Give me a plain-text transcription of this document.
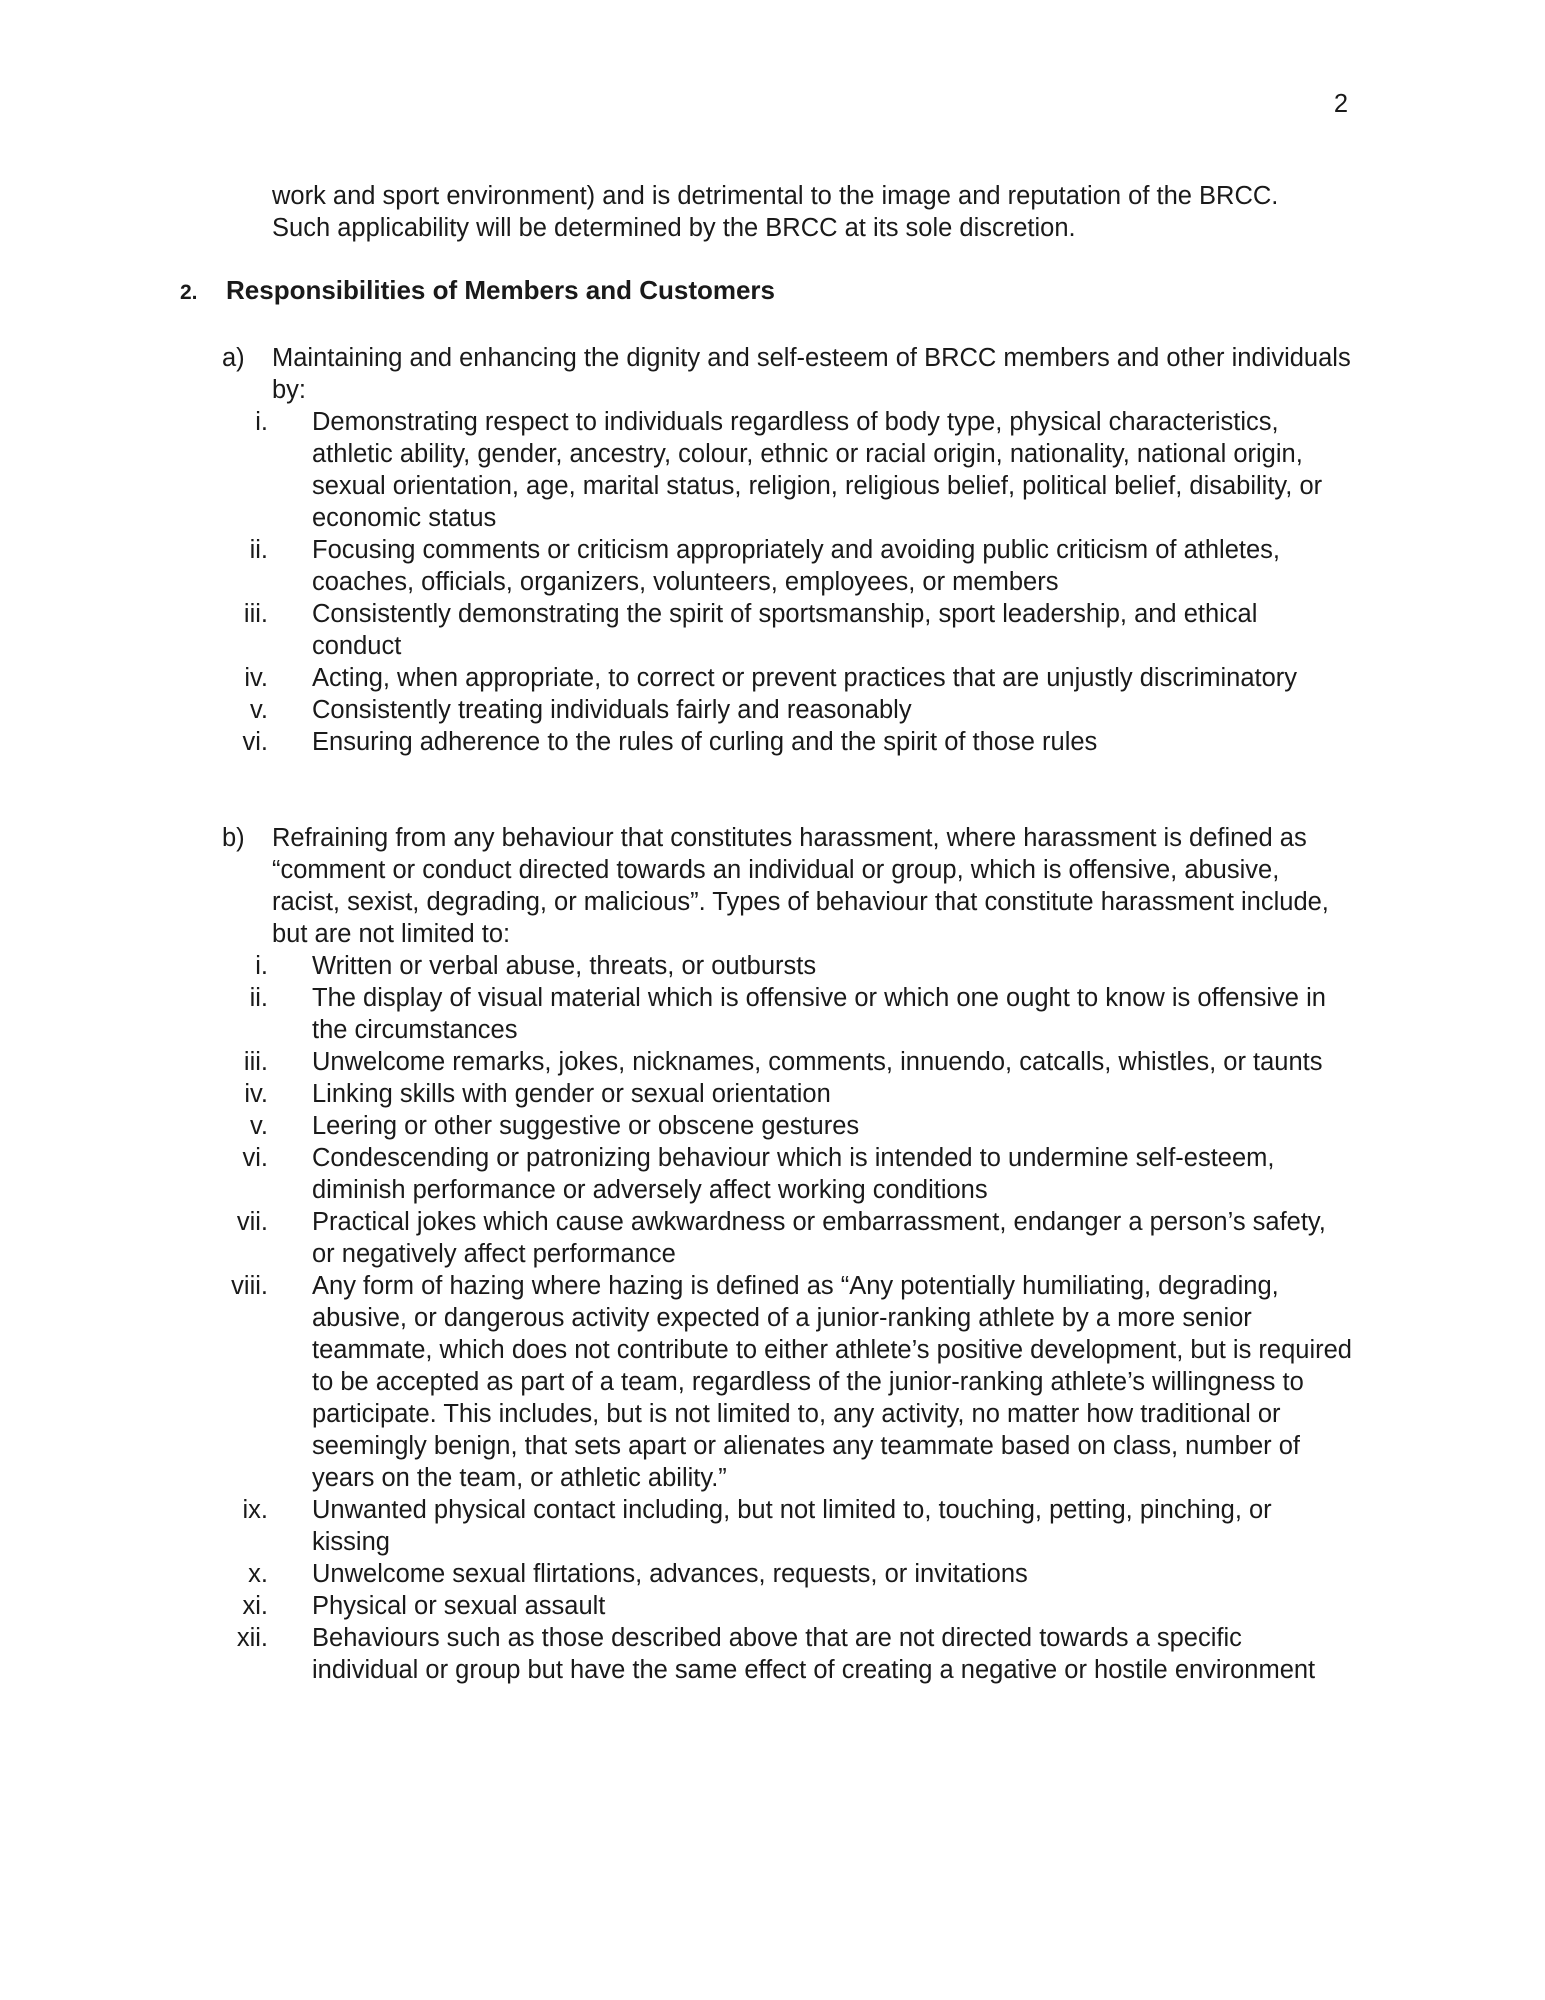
2
work and sport environment) and is detrimental to the image and reputation of the BRCC. Such applicability will be determined by the BRCC at its sole discretion.
2. Responsibilities of Members and Customers
a)	Maintaining and enhancing the dignity and self-esteem of BRCC members and other individuals by:
i.	Demonstrating respect to individuals regardless of body type, physical characteristics, athletic ability, gender, ancestry, colour, ethnic or racial origin, nationality, national origin, sexual orientation, age, marital status, religion, religious belief, political belief, disability, or economic status
ii.	Focusing comments or criticism appropriately and avoiding public criticism of athletes, coaches, officials, organizers, volunteers, employees, or members
iii.	Consistently demonstrating the spirit of sportsmanship, sport leadership, and ethical conduct
iv.	Acting, when appropriate, to correct or prevent practices that are unjustly discriminatory
v.	Consistently treating individuals fairly and reasonably
vi.	Ensuring adherence to the rules of curling and the spirit of those rules
b)	Refraining from any behaviour that constitutes harassment, where harassment is defined as “comment or conduct directed towards an individual or group, which is offensive, abusive, racist, sexist, degrading, or malicious”. Types of behaviour that constitute harassment include, but are not limited to:
i.	Written or verbal abuse, threats, or outbursts
ii.	The display of visual material which is offensive or which one ought to know is offensive in the circumstances
iii.	Unwelcome remarks, jokes, nicknames, comments, innuendo, catcalls, whistles, or taunts
iv.	Linking skills with gender or sexual orientation
v.	Leering or other suggestive or obscene gestures
vi.	Condescending or patronizing behaviour which is intended to undermine self-esteem, diminish performance or adversely affect working conditions
vii.	Practical jokes which cause awkwardness or embarrassment, endanger a person’s safety, or negatively affect performance
viii.	Any form of hazing where hazing is defined as “Any potentially humiliating, degrading, abusive, or dangerous activity expected of a junior-ranking athlete by a more senior teammate, which does not contribute to either athlete’s positive development, but is required to be accepted as part of a team, regardless of the junior-ranking athlete’s willingness to participate. This includes, but is not limited to, any activity, no matter how traditional or seemingly benign, that sets apart or alienates any teammate based on class, number of years on the team, or athletic ability.”
ix.	Unwanted physical contact including, but not limited to, touching, petting, pinching, or kissing
x.	Unwelcome sexual flirtations, advances, requests, or invitations
xi.	Physical or sexual assault
xii.	Behaviours such as those described above that are not directed towards a specific individual or group but have the same effect of creating a negative or hostile environment
